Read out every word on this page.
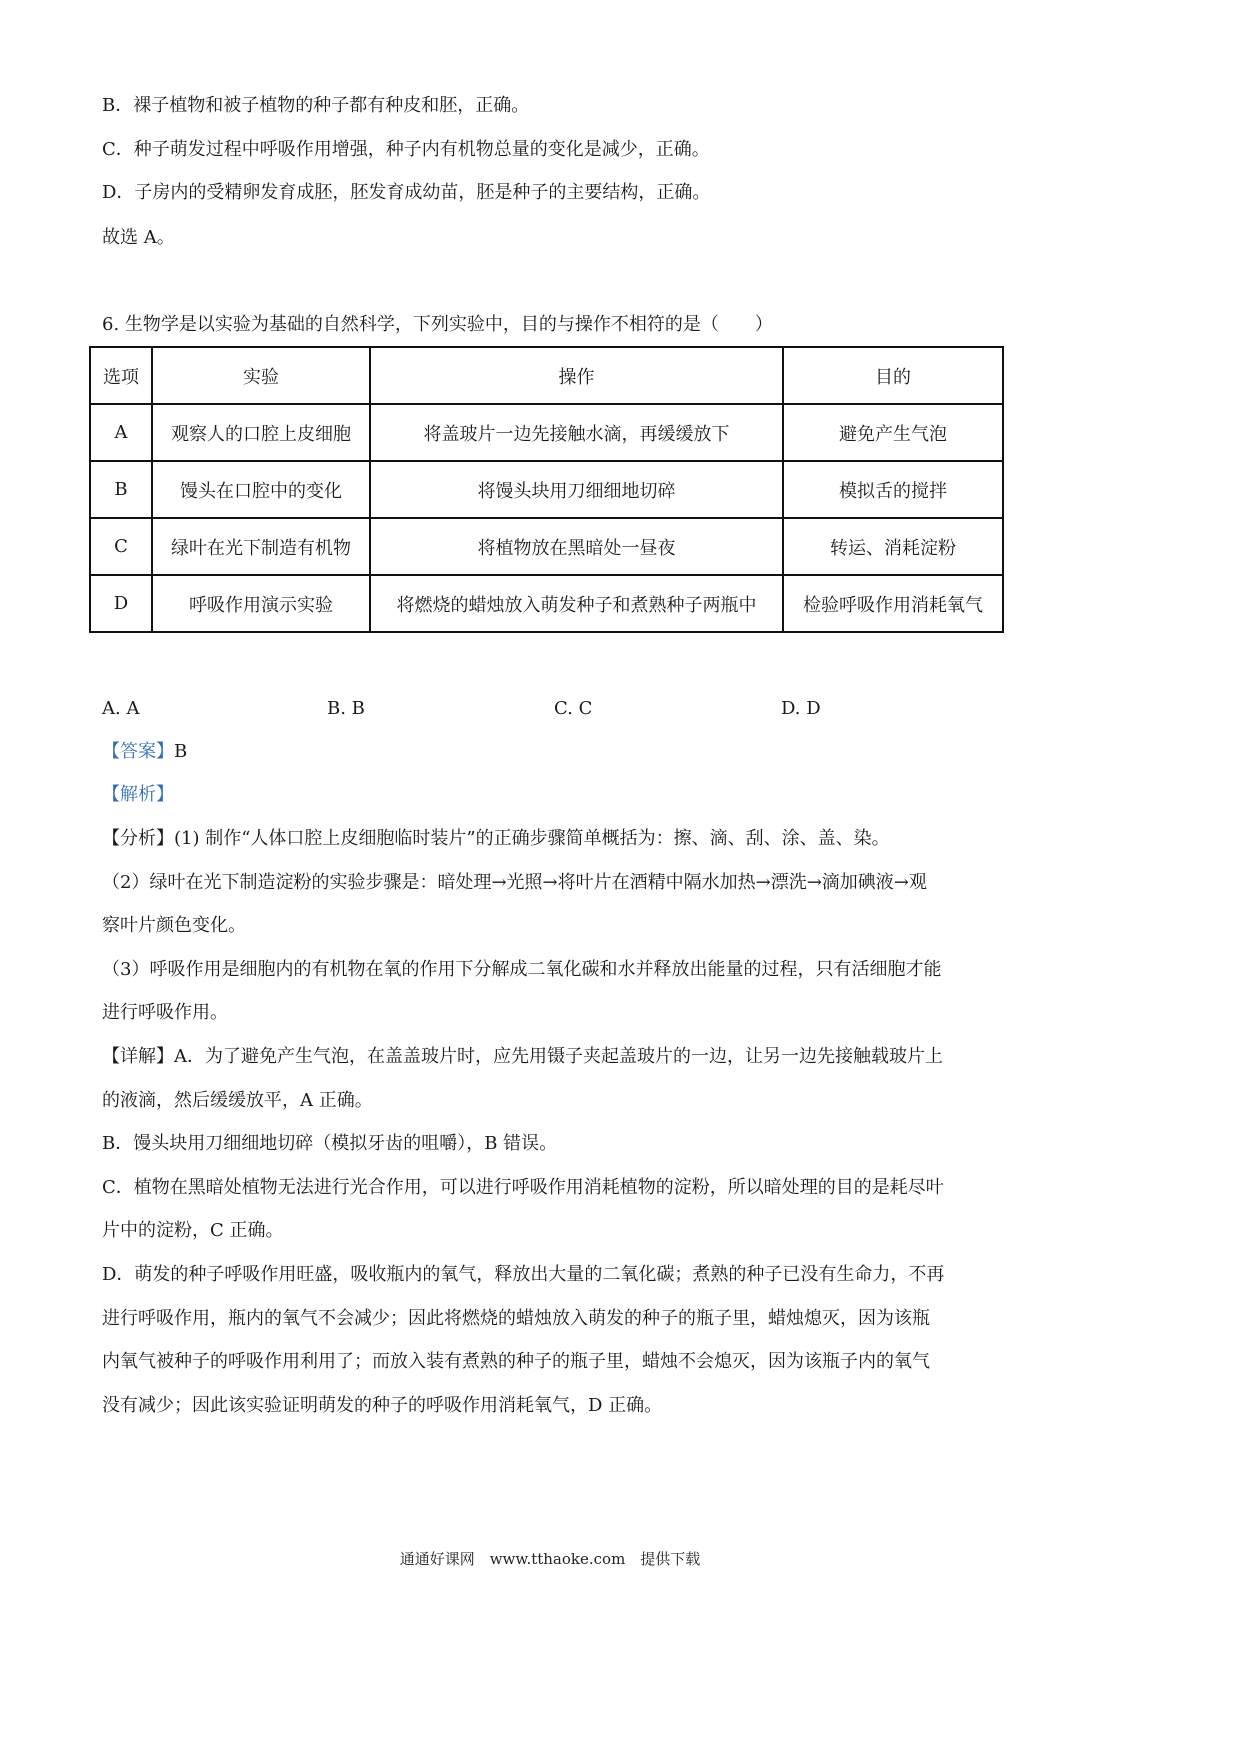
B．裸子植物和被子植物的种子都有种皮和胚，正确。
C．种子萌发过程中呼吸作用增强，种子内有机物总量的变化是减少，正确。
D．子房内的受精卵发育成胚，胚发育成幼苗，胚是种子的主要结构，正确。
故选 A。
6. 生物学是以实验为基础的自然科学，下列实验中，目的与操作不相符的是（　　）
选项	实验	操作	目的
A	观察人的口腔上皮细胞	将盖玻片一边先接触水滴，再缓缓放下	避免产生气泡
B	馒头在口腔中的变化	将馒头块用刀细细地切碎	模拟舌的搅拌
C	绿叶在光下制造有机物	将植物放在黑暗处一昼夜	转运、消耗淀粉
D	呼吸作用演示实验	将燃烧的蜡烛放入萌发种子和煮熟种子两瓶中	检验呼吸作用消耗氧气
A. A	B. B	C. C	D. D
【答案】B
【解析】
【分析】(1) 制作“人体口腔上皮细胞临时装片”的正确步骤简单概括为：擦、滴、刮、涂、盖、染。
（2）绿叶在光下制造淀粉的实验步骤是：暗处理→光照→将叶片在酒精中隔水加热→漂洗→滴加碘液→观
察叶片颜色变化。
（3）呼吸作用是细胞内的有机物在氧的作用下分解成二氧化碳和水并释放出能量的过程，只有活细胞才能
进行呼吸作用。
【详解】A．为了避免产生气泡，在盖盖玻片时，应先用镊子夹起盖玻片的一边，让另一边先接触载玻片上
的液滴，然后缓缓放平，A 正确。
B．馒头块用刀细细地切碎（模拟牙齿的咀嚼），B 错误。
C．植物在黑暗处植物无法进行光合作用，可以进行呼吸作用消耗植物的淀粉，所以暗处理的目的是耗尽叶
片中的淀粉，C 正确。
D．萌发的种子呼吸作用旺盛，吸收瓶内的氧气，释放出大量的二氧化碳；煮熟的种子已没有生命力，不再
进行呼吸作用，瓶内的氧气不会减少；因此将燃烧的蜡烛放入萌发的种子的瓶子里，蜡烛熄灭，因为该瓶
内氧气被种子的呼吸作用利用了；而放入装有煮熟的种子的瓶子里，蜡烛不会熄灭，因为该瓶子内的氧气
没有减少；因此该实验证明萌发的种子的呼吸作用消耗氧气，D 正确。
通通好课网　www.tthaoke.com　提供下载
